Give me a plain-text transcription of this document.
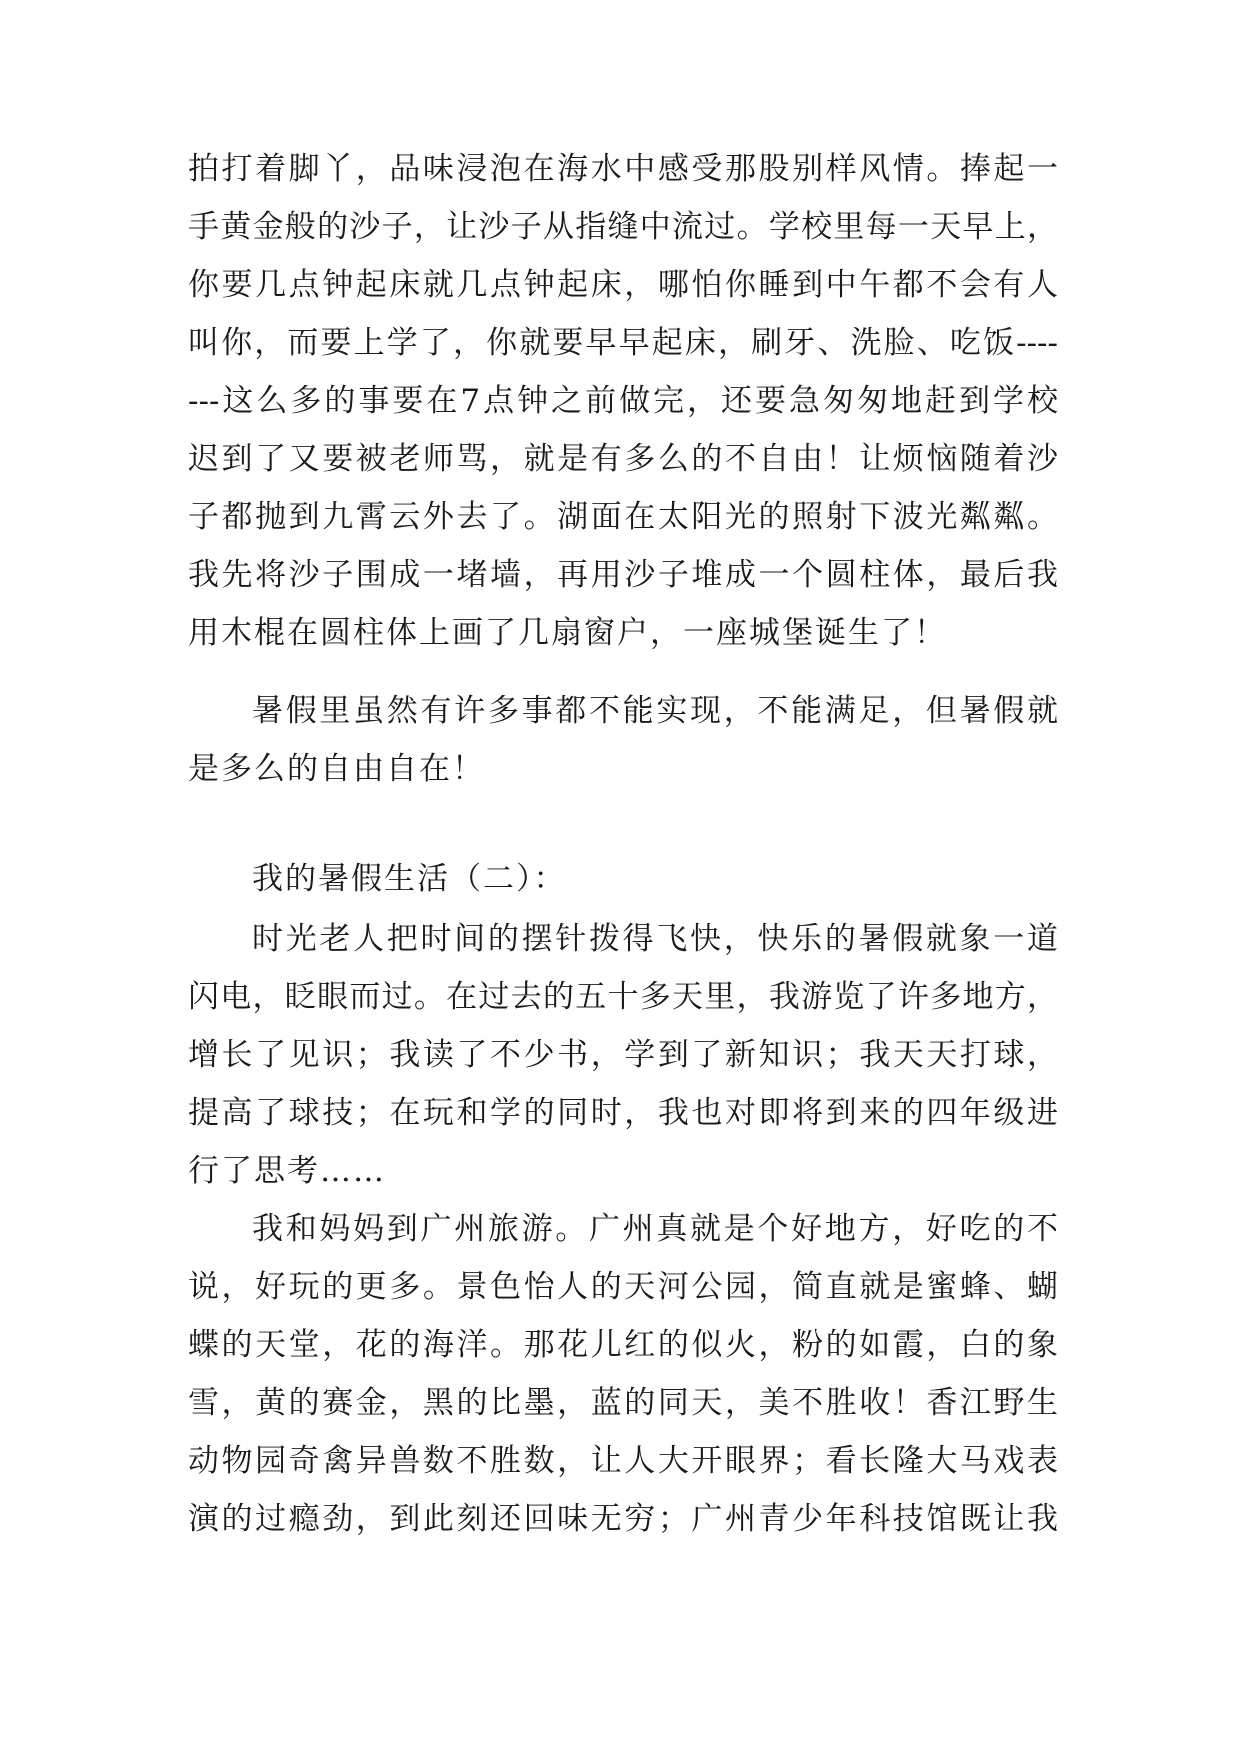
拍打着脚丫，品味浸泡在海水中感受那股别样风情。捧起一
手黄金般的沙子，让沙子从指缝中流过。学校里每一天早上，
你要几点钟起床就几点钟起床，哪怕你睡到中午都不会有人
叫你，而要上学了，你就要早早起床，刷牙、洗脸、吃饭----
---这么多的事要在7点钟之前做完，还要急匆匆地赶到学校
迟到了又要被老师骂，就是有多么的不自由！让烦恼随着沙
子都抛到九霄云外去了。湖面在太阳光的照射下波光粼粼。
我先将沙子围成一堵墙，再用沙子堆成一个圆柱体，最后我
用木棍在圆柱体上画了几扇窗户，一座城堡诞生了！
暑假里虽然有许多事都不能实现，不能满足，但暑假就
是多么的自由自在！
我的暑假生活（二）：
时光老人把时间的摆针拨得飞快，快乐的暑假就象一道
闪电，眨眼而过。在过去的五十多天里，我游览了许多地方，
增长了见识；我读了不少书，学到了新知识；我天天打球，
提高了球技；在玩和学的同时，我也对即将到来的四年级进
行了思考……
我和妈妈到广州旅游。广州真就是个好地方，好吃的不
说，好玩的更多。景色怡人的天河公园，简直就是蜜蜂、蝴
蝶的天堂，花的海洋。那花儿红的似火，粉的如霞，白的象
雪，黄的赛金，黑的比墨，蓝的同天，美不胜收！香江野生
动物园奇禽异兽数不胜数，让人大开眼界；看长隆大马戏表
演的过瘾劲，到此刻还回味无穷；广州青少年科技馆既让我
